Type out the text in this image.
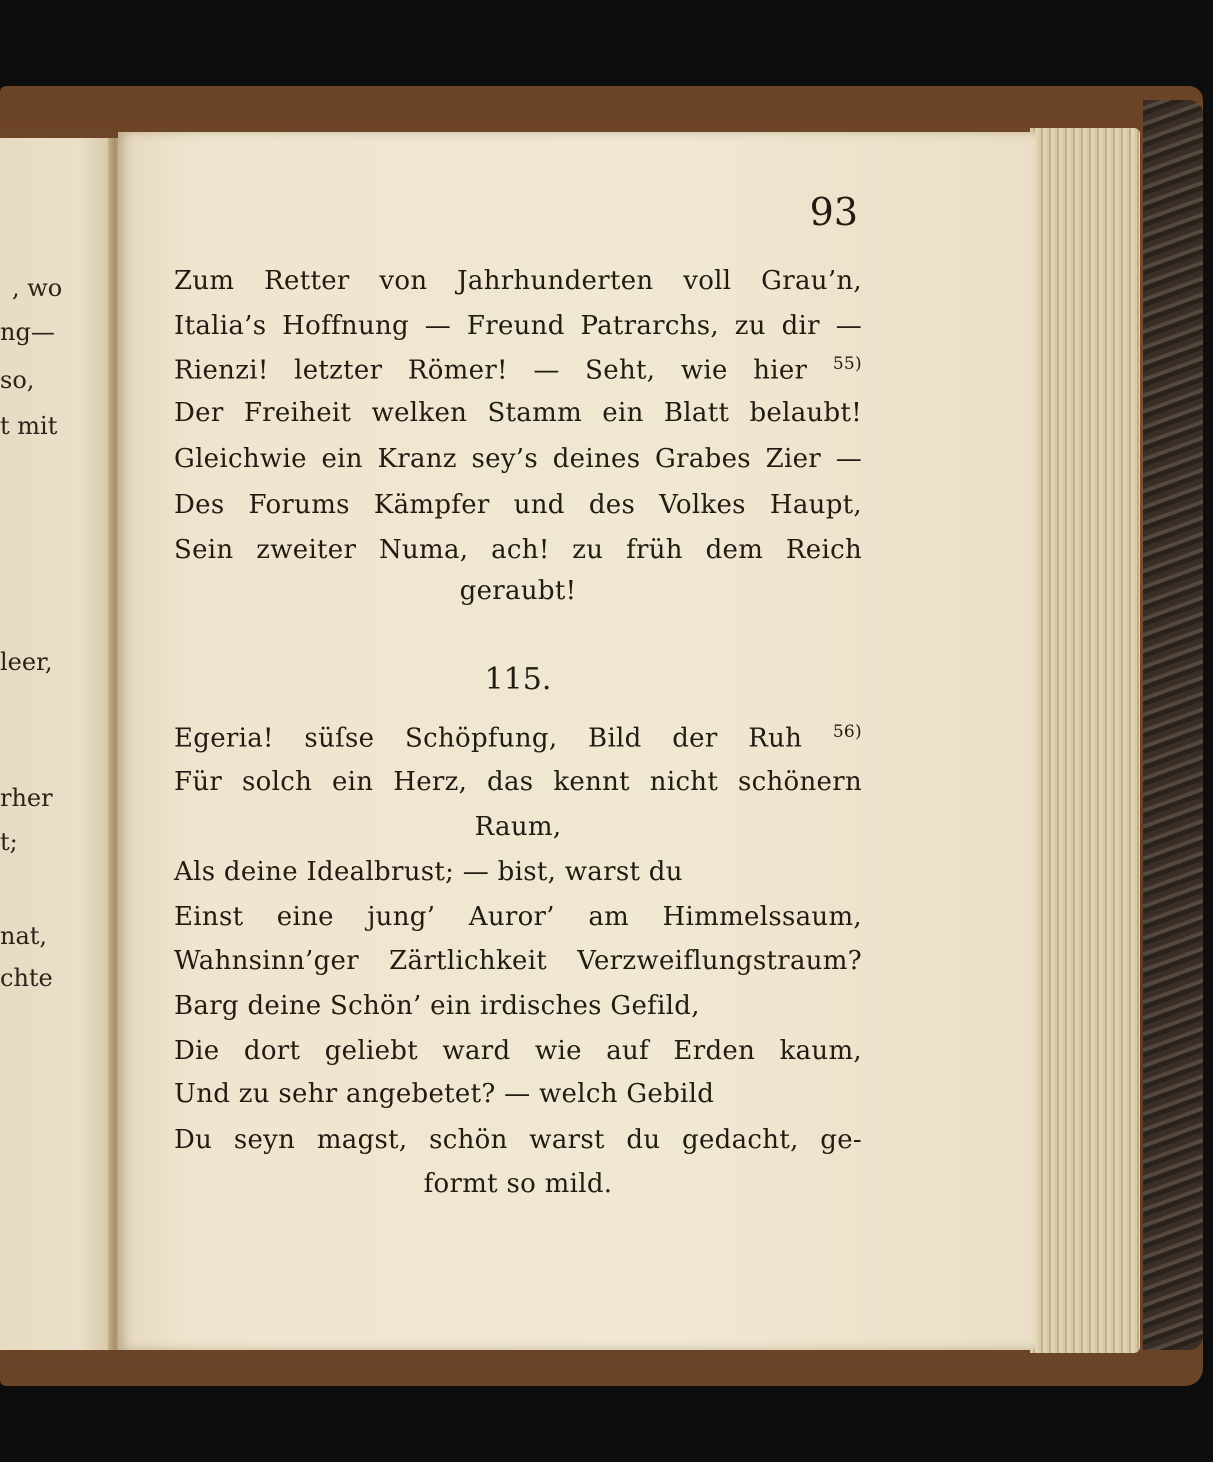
, wo
ng—
so,
t mit
leer,
rher
t;
nat,
chte
93
Zum Retter von Jahrhunderten voll Grau’n,
Italia’s Hoffnung — Freund Patrarchs, zu dir —
Rienzi! letzter Römer! — Seht, wie hier $^{55)}$
Der Freiheit welken Stamm ein Blatt belaubt!
Gleichwie ein Kranz sey’s deines Grabes Zier —
Des Forums Kämpfer und des Volkes Haupt,
Sein zweiter Numa, ach! zu früh dem Reich
geraubt!
115.
Egeria! süſse Schöpfung, Bild der Ruh $^{56)}$
Für solch ein Herz, das kennt nicht schönern
Raum,
Als deine Idealbrust; — bist, warst du
Einst eine jung’ Auror’ am Himmelssaum,
Wahnsinn’ger Zärtlichkeit Verzweiflungstraum?
Barg deine Schön’ ein irdisches Gefild,
Die dort geliebt ward wie auf Erden kaum,
Und zu sehr angebetet? — welch Gebild
Du seyn magst, schön warst du gedacht, ge-
formt so mild.
